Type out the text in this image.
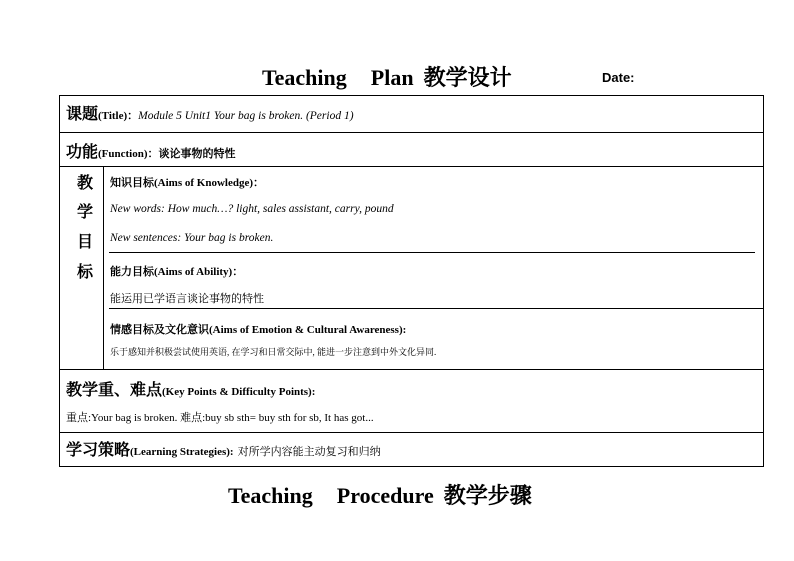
Teaching Plan 教学设计	Date:
课题(Title)：Module 5 Unit1 Your bag is broken. (Period 1)
功能(Function)：谈论事物的特性
教
学
目
标
知识目标(Aims of Knowledge)：
New words: How much…? light, sales assistant, carry, pound
New sentences: Your bag is broken.
能力目标(Aims of Ability)：
能运用已学语言谈论事物的特性
情感目标及文化意识(Aims of Emotion & Cultural Awareness):
乐于感知并积极尝试使用英语, 在学习和日常交际中, 能进一步注意到中外文化异同.
教学重、难点(Key Points & Difficulty Points):
重点:Your bag is broken. 难点:buy sb sth= buy sth for sb, It has got...
学习策略(Learning Strategies): 对所学内容能主动复习和归纳
Teaching Procedure 教学步骤
